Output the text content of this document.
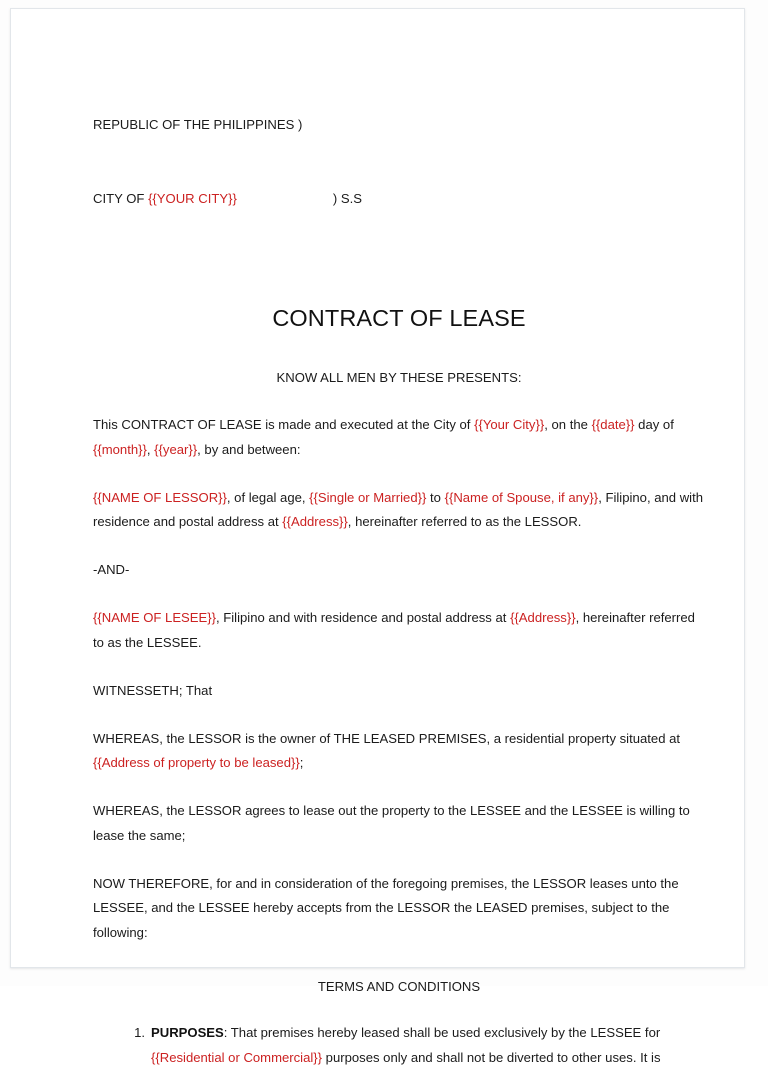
REPUBLIC OF THE PHILIPPINES )

CITY OF {{YOUR CITY}}	) S.S

CONTRACT OF LEASE
KNOW ALL MEN BY THESE PRESENTS:

This CONTRACT OF LEASE is made and executed at the City of {{Your City}}, on the {{date}} day of {{month}}, {{year}}, by and between:

{{NAME OF LESSOR}}, of legal age, {{Single or Married}} to {{Name of Spouse, if any}}, Filipino, and with residence and postal address at {{Address}}, hereinafter referred to as the LESSOR.

-AND-

{{NAME OF LESEE}}, Filipino and with residence and postal address at {{Address}}, hereinafter referred to as the LESSEE.

WITNESSETH; That

WHEREAS, the LESSOR is the owner of THE LEASED PREMISES, a residential property situated at {{Address of property to be leased}};

WHEREAS, the LESSOR agrees to lease out the property to the LESSEE and the LESSEE is willing to lease the same;

NOW THEREFORE, for and in consideration of the foregoing premises, the LESSOR leases unto the LESSEE, and the LESSEE hereby accepts from the LESSOR the LEASED premises, subject to the following:

TERMS AND CONDITIONS
1. PURPOSES: That premises hereby leased shall be used exclusively by the LESSEE for {{Residential or Commercial}} purposes only and shall not be diverted to other uses. It is
